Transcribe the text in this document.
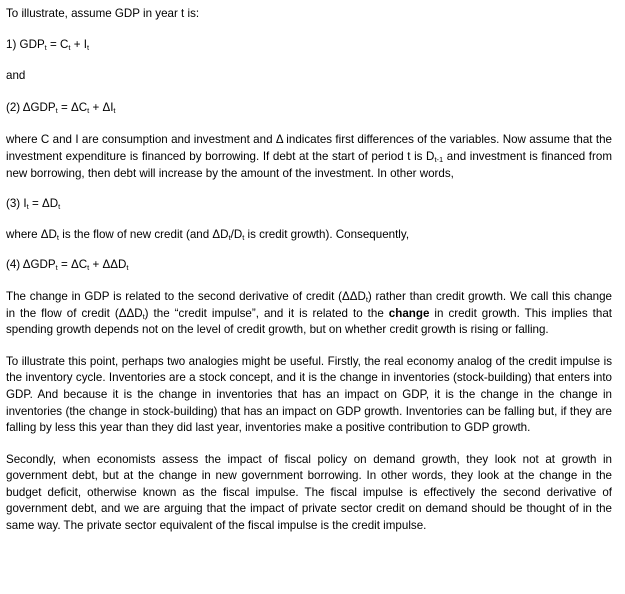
To illustrate, assume GDP in year t is:

1) $GDP_t = C_t + I_t$

and

(2) $\Delta GDP_t = \Delta C_t + \Delta I_t$

where C and I are consumption and investment and Δ indicates first differences of the variables. Now assume that the investment expenditure is financed by borrowing. If debt at the start of period t is $D_{t-1}$ and investment is financed from new borrowing, then debt will increase by the amount of the investment. In other words,

(3) $I_t = \Delta D_t$

where $\Delta D_t$ is the flow of new credit (and $\Delta D_t/D_t$ is credit growth). Consequently,

(4) $\Delta GDP_t = \Delta C_t + \Delta\Delta D_t$

The change in GDP is related to the second derivative of credit $(\Delta\Delta D_t)$ rather than credit growth. We call this change in the flow of credit $(\Delta\Delta D_t)$ the “credit impulse”, and it is related to the change in credit growth. This implies that spending growth depends not on the level of credit growth, but on whether credit growth is rising or falling.

To illustrate this point, perhaps two analogies might be useful. Firstly, the real economy analog of the credit impulse is the inventory cycle. Inventories are a stock concept, and it is the change in inventories (stock-building) that enters into GDP. And because it is the change in inventories that has an impact on GDP, it is the change in the change in inventories (the change in stock-building) that has an impact on GDP growth. Inventories can be falling but, if they are falling by less this year than they did last year, inventories make a positive contribution to GDP growth.

Secondly, when economists assess the impact of fiscal policy on demand growth, they look not at growth in government debt, but at the change in new government borrowing. In other words, they look at the change in the budget deficit, otherwise known as the fiscal impulse. The fiscal impulse is effectively the second derivative of government debt, and we are arguing that the impact of private sector credit on demand should be thought of in the same way. The private sector equivalent of the fiscal impulse is the credit impulse.
